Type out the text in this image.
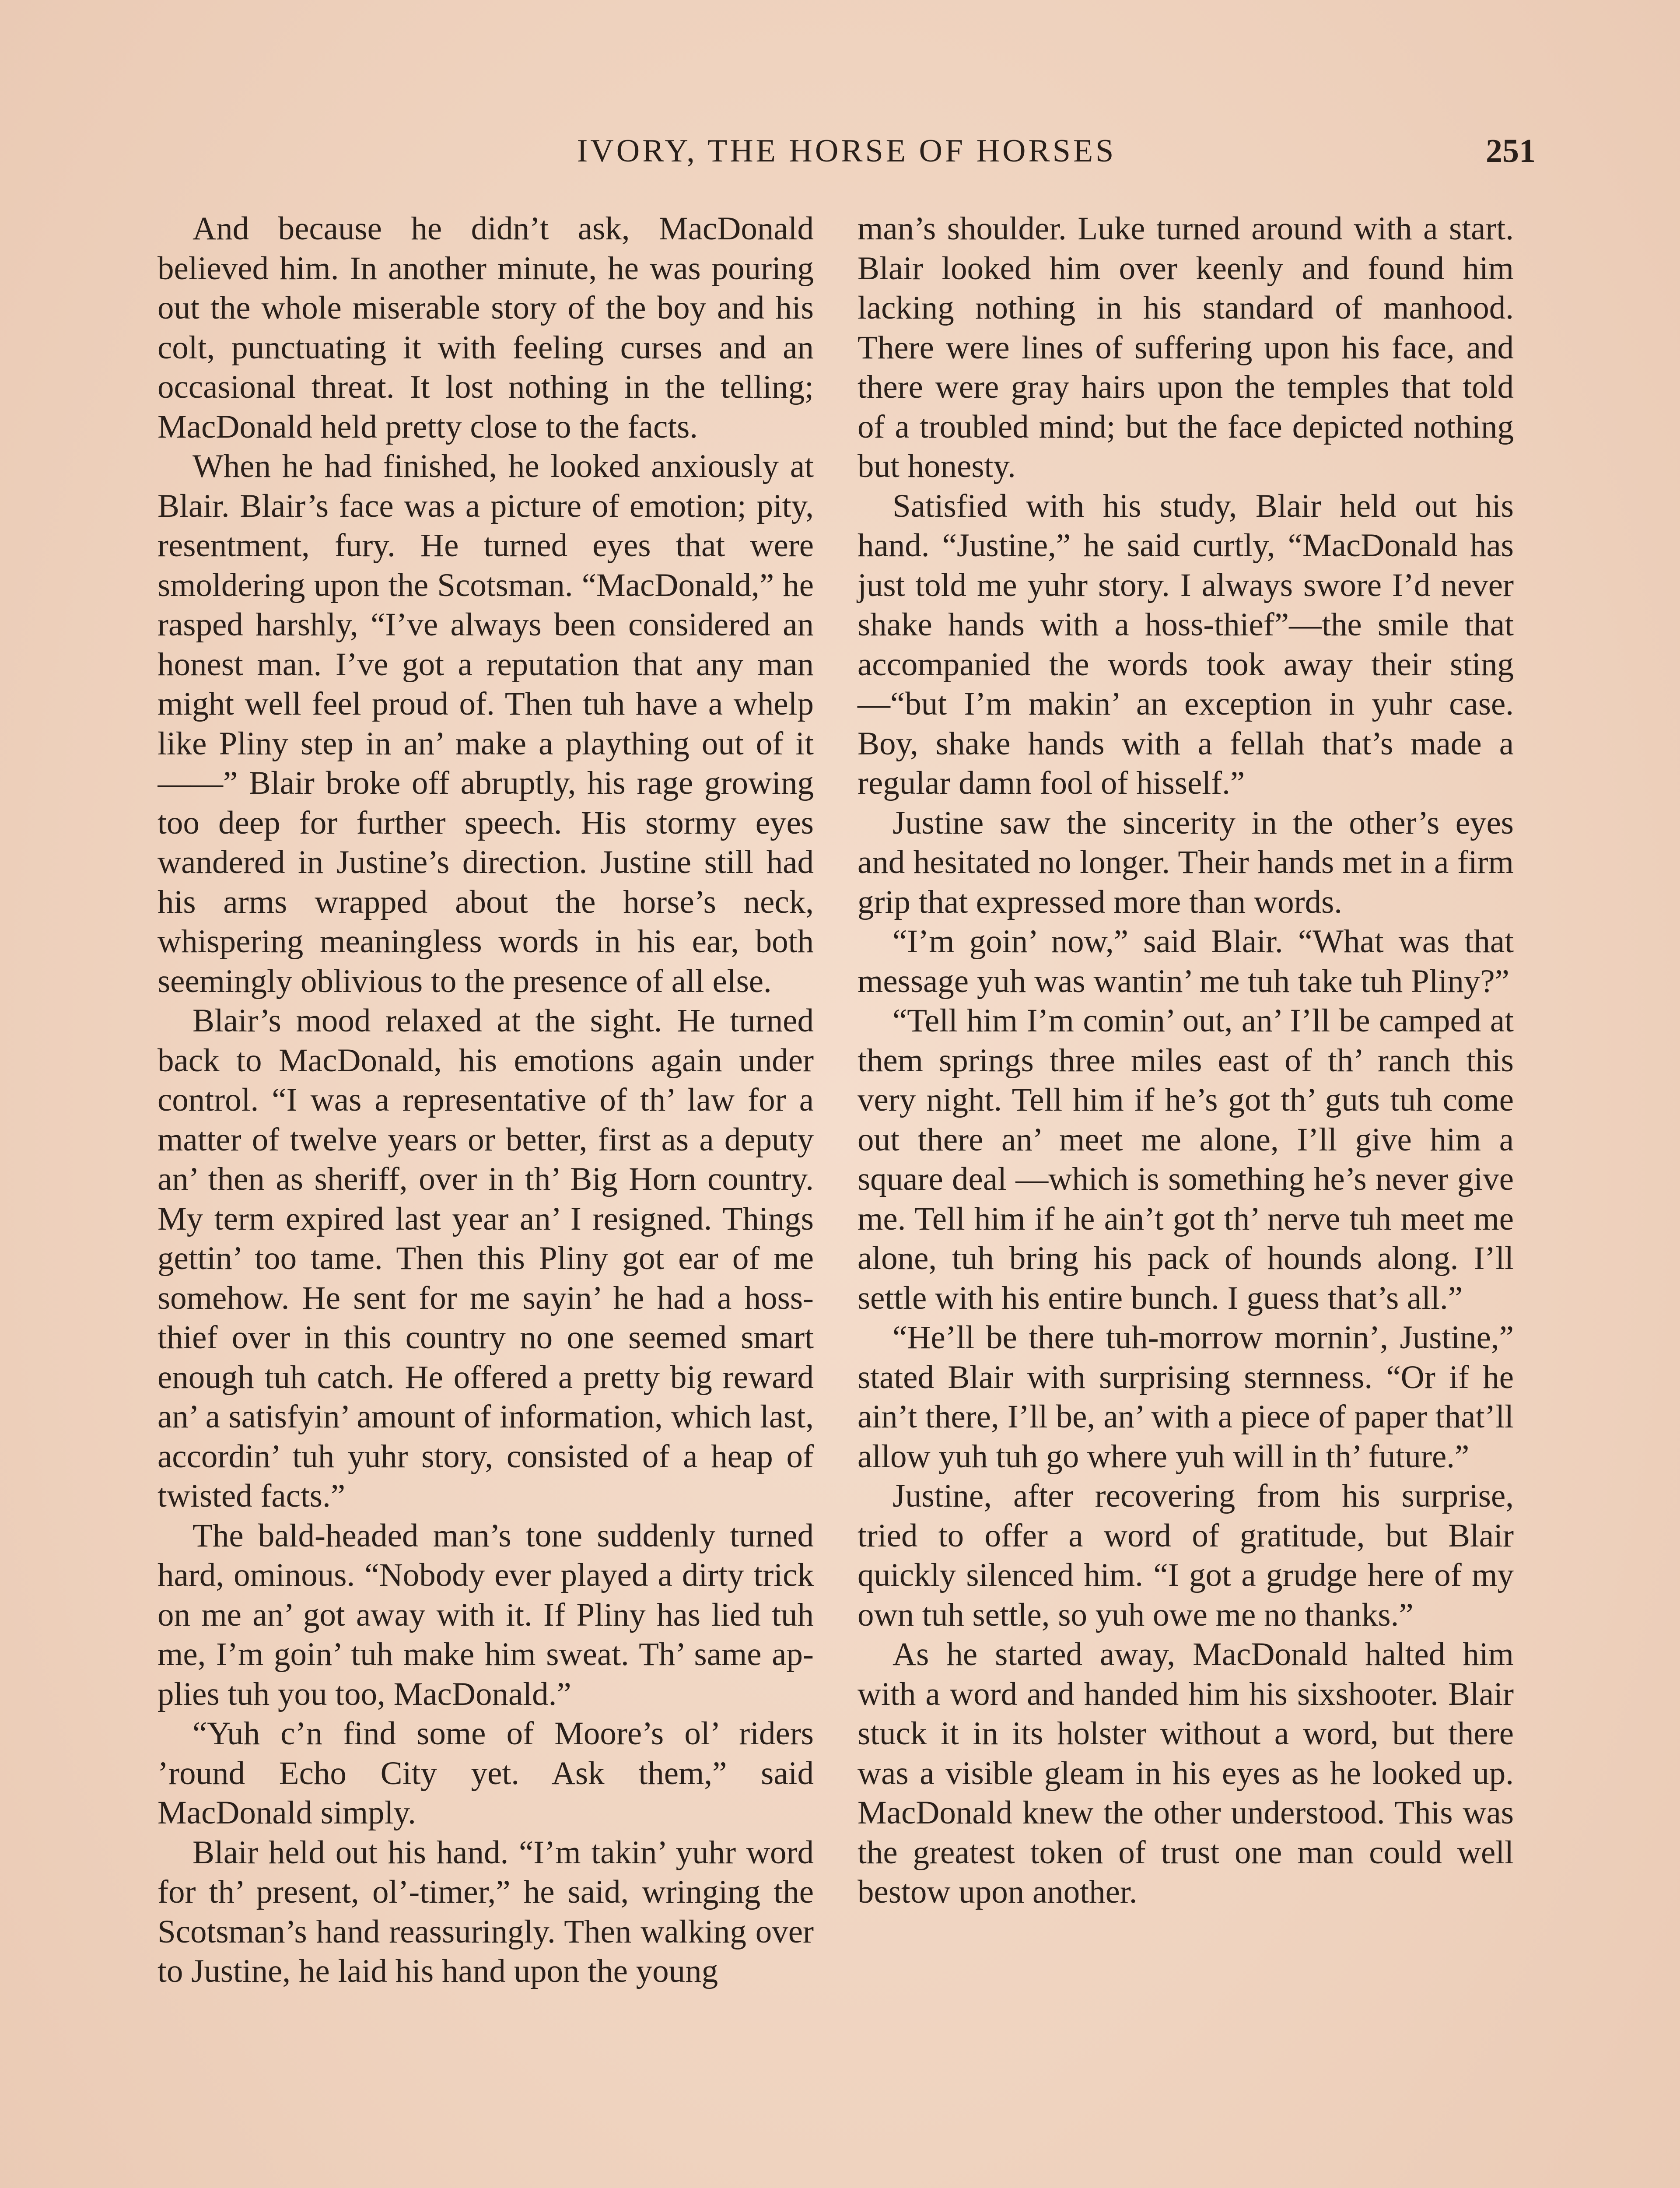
IVORY, THE HORSE OF HORSES	251

And because he didn’t ask, MacDonald believed him. In another minute, he was pouring out the whole miserable story of the boy and his colt, punctuating it with feeling curses and an occasional threat. It lost nothing in the telling; MacDonald held pretty close to the facts.

When he had finished, he looked anxiously at Blair. Blair’s face was a picture of emotion; pity, resentment, fury. He turned eyes that were smoldering upon the Scotsman. “MacDonald,” he rasped harshly, “I’ve always been considered an honest man. I’ve got a reputation that any man might well feel proud of. Then tuh have a whelp like Pliny step in an’ make a plaything out of it——” Blair broke off abruptly, his rage growing too deep for further speech. His stormy eyes wandered in Justine’s direction. Justine still had his arms wrapped about the horse’s neck, whispering meaningless words in his ear, both seemingly oblivious to the presence of all else.

Blair’s mood relaxed at the sight. He turned back to MacDonald, his emotions again under control. “I was a representative of th’ law for a matter of twelve years or better, first as a deputy an’ then as sheriff, over in th’ Big Horn country. My term expired last year an’ I resigned. Things gettin’ too tame. Then this Pliny got ear of me somehow. He sent for me sayin’ he had a hoss-thief over in this country no one seemed smart enough tuh catch. He offered a pretty big reward an’ a satisfyin’ amount of information, which last, accordin’ tuh yuhr story, consisted of a heap of twisted facts.”

The bald-headed man’s tone suddenly turned hard, ominous. “Nobody ever played a dirty trick on me an’ got away with it. If Pliny has lied tuh me, I’m goin’ tuh make him sweat. Th’ same applies tuh you too, MacDonald.”

“Yuh c’n find some of Moore’s ol’ riders ’round Echo City yet. Ask them,” said MacDonald simply.

Blair held out his hand. “I’m takin’ yuhr word for th’ present, ol’-timer,” he said, wringing the Scotsman’s hand reassuringly. Then walking over to Justine, he laid his hand upon the young

man’s shoulder. Luke turned around with a start. Blair looked him over keenly and found him lacking nothing in his standard of manhood. There were lines of suffering upon his face, and there were gray hairs upon the temples that told of a troubled mind; but the face depicted nothing but honesty.

Satisfied with his study, Blair held out his hand. “Justine,” he said curtly, “MacDonald has just told me yuhr story. I always swore I’d never shake hands with a hoss-thief”—the smile that accompanied the words took away their sting—“but I’m makin’ an exception in yuhr case. Boy, shake hands with a fellah that’s made a regular damn fool of hisself.”

Justine saw the sincerity in the other’s eyes and hesitated no longer. Their hands met in a firm grip that expressed more than words.

“I’m goin’ now,” said Blair. “What was that message yuh was wantin’ me tuh take tuh Pliny?”

“Tell him I’m comin’ out, an’ I’ll be camped at them springs three miles east of th’ ranch this very night. Tell him if he’s got th’ guts tuh come out there an’ meet me alone, I’ll give him a square deal —which is something he’s never give me. Tell him if he ain’t got th’ nerve tuh meet me alone, tuh bring his pack of hounds along. I’ll settle with his entire bunch. I guess that’s all.”

“He’ll be there tuh-morrow mornin’, Justine,” stated Blair with surprising sternness. “Or if he ain’t there, I’ll be, an’ with a piece of paper that’ll allow yuh tuh go where yuh will in th’ future.”

Justine, after recovering from his surprise, tried to offer a word of gratitude, but Blair quickly silenced him. “I got a grudge here of my own tuh settle, so yuh owe me no thanks.”

As he started away, MacDonald halted him with a word and handed him his sixshooter. Blair stuck it in its holster without a word, but there was a visible gleam in his eyes as he looked up. MacDonald knew the other understood. This was the greatest token of trust one man could well bestow upon another.
